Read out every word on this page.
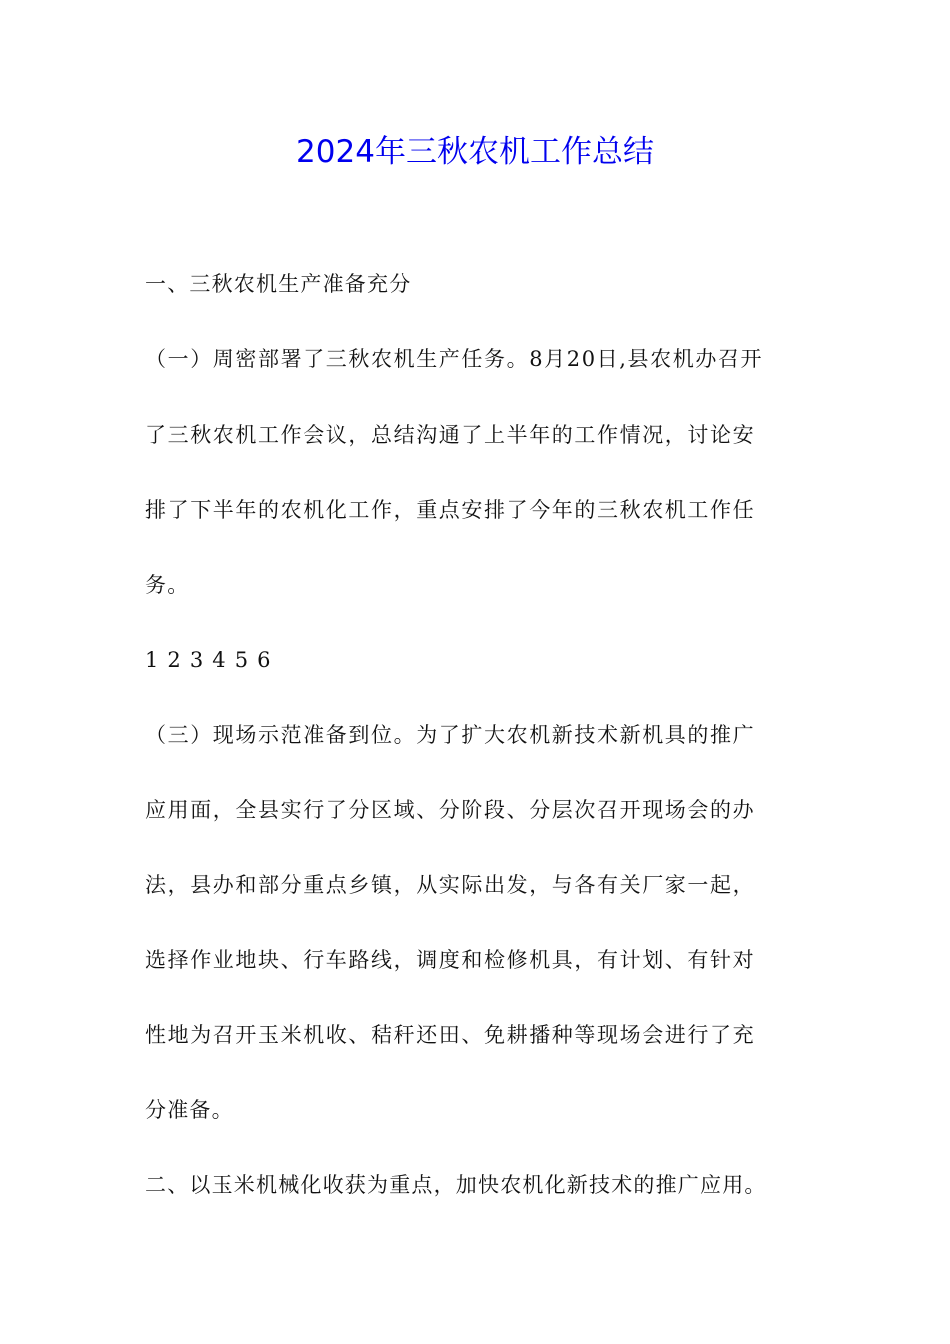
2024年三秋农机工作总结
一、三秋农机生产准备充分
（一）周密部署了三秋农机生产任务。8月20日,县农机办召开
了三秋农机工作会议，总结沟通了上半年的工作情况，讨论安
排了下半年的农机化工作，重点安排了今年的三秋农机工作任
务。
1 2 3 4 5 6
（三）现场示范准备到位。为了扩大农机新技术新机具的推广
应用面，全县实行了分区域、分阶段、分层次召开现场会的办
法，县办和部分重点乡镇，从实际出发，与各有关厂家一起，
选择作业地块、行车路线，调度和检修机具，有计划、有针对
性地为召开玉米机收、秸秆还田、免耕播种等现场会进行了充
分准备。
二、以玉米机械化收获为重点，加快农机化新技术的推广应用。
